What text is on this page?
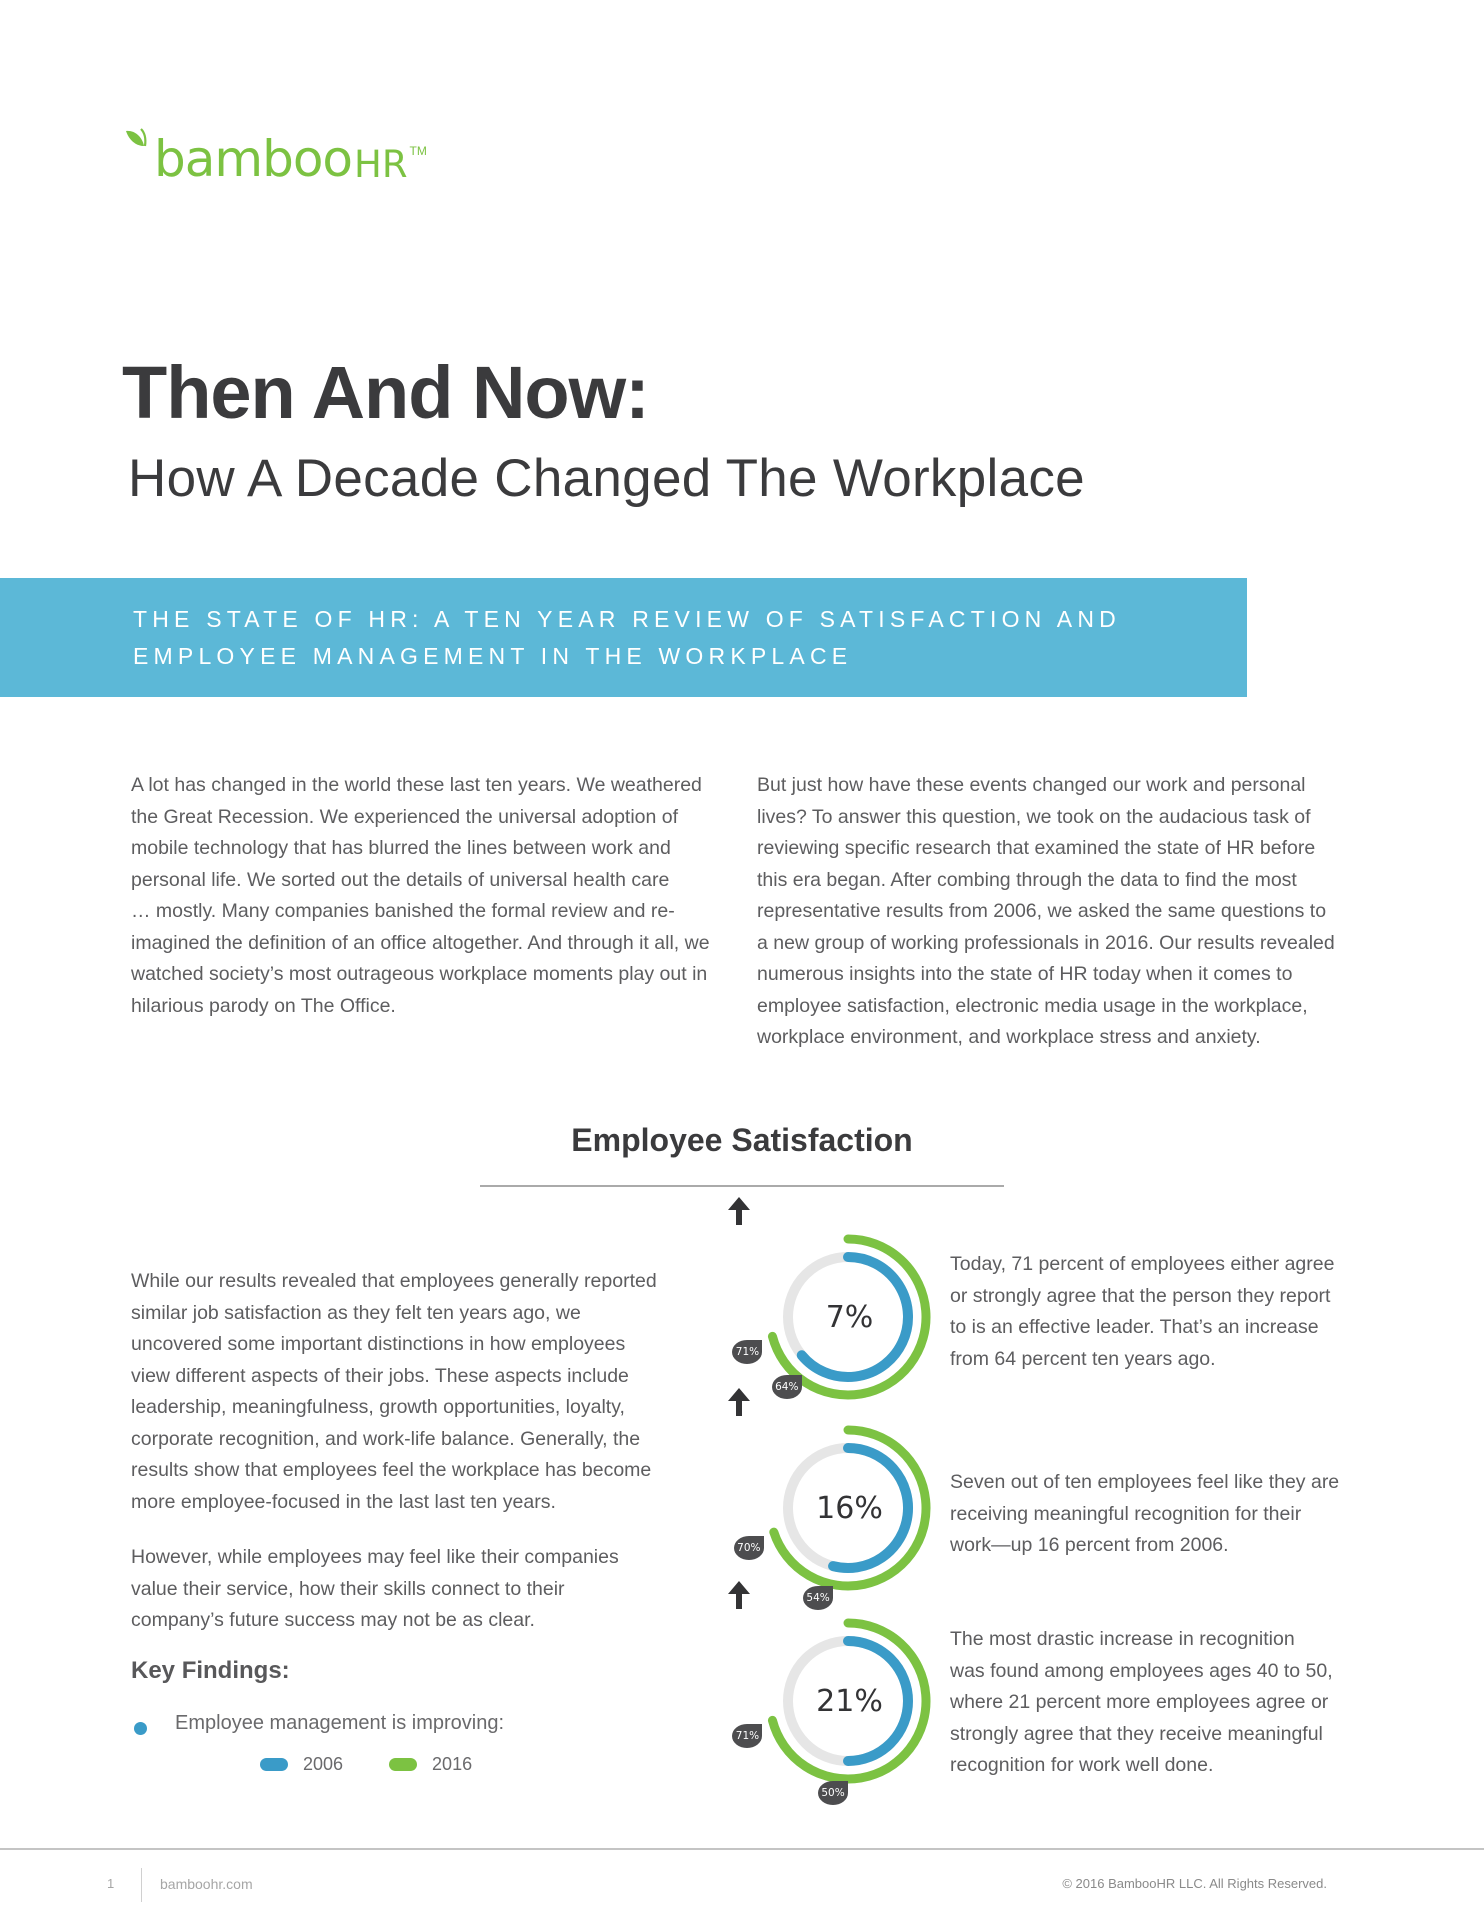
bamboo HR TM
Then And Now:
How A Decade Changed The Workplace
THE STATE OF HR: A TEN YEAR REVIEW OF SATISFACTION AND
EMPLOYEE MANAGEMENT IN THE WORKPLACE
A lot has changed in the world these last ten years. We weathered
the Great Recession. We experienced the universal adoption of
mobile technology that has blurred the lines between work and
personal life. We sorted out the details of universal health care
… mostly. Many companies banished the formal review and re-
imagined the definition of an office altogether. And through it all, we
watched society’s most outrageous workplace moments play out in
hilarious parody on The Office.
But just how have these events changed our work and personal
lives? To answer this question, we took on the audacious task of
reviewing specific research that examined the state of HR before
this era began. After combing through the data to find the most
representative results from 2006, we asked the same questions to
a new group of working professionals in 2016. Our results revealed
numerous insights into the state of HR today when it comes to
employee satisfaction, electronic media usage in the workplace,
workplace environment, and workplace stress and anxiety.
Employee Satisfaction
While our results revealed that employees generally reported
similar job satisfaction as they felt ten years ago, we
uncovered some important distinctions in how employees
view different aspects of their jobs. These aspects include
leadership, meaningfulness, growth opportunities, loyalty,
corporate recognition, and work-life balance. Generally, the
results show that employees feel the workplace has become
more employee-focused in the last last ten years.
However, while employees may feel like their companies
value their service, how their skills connect to their
company’s future success may not be as clear.
Key Findings:
Employee management is improving:
2006	2016
7%
71%
64%
16%
70%
54%
21%
71%
50%
Today, 71 percent of employees either agree
or strongly agree that the person they report
to is an effective leader. That’s an increase
from 64 percent ten years ago.
Seven out of ten employees feel like they are
receiving meaningful recognition for their
work—up 16 percent from 2006.
The most drastic increase in recognition
was found among employees ages 40 to 50,
where 21 percent more employees agree or
strongly agree that they receive meaningful
recognition for work well done.
1	bamboohr.com	© 2016 BambooHR LLC. All Rights Reserved.
